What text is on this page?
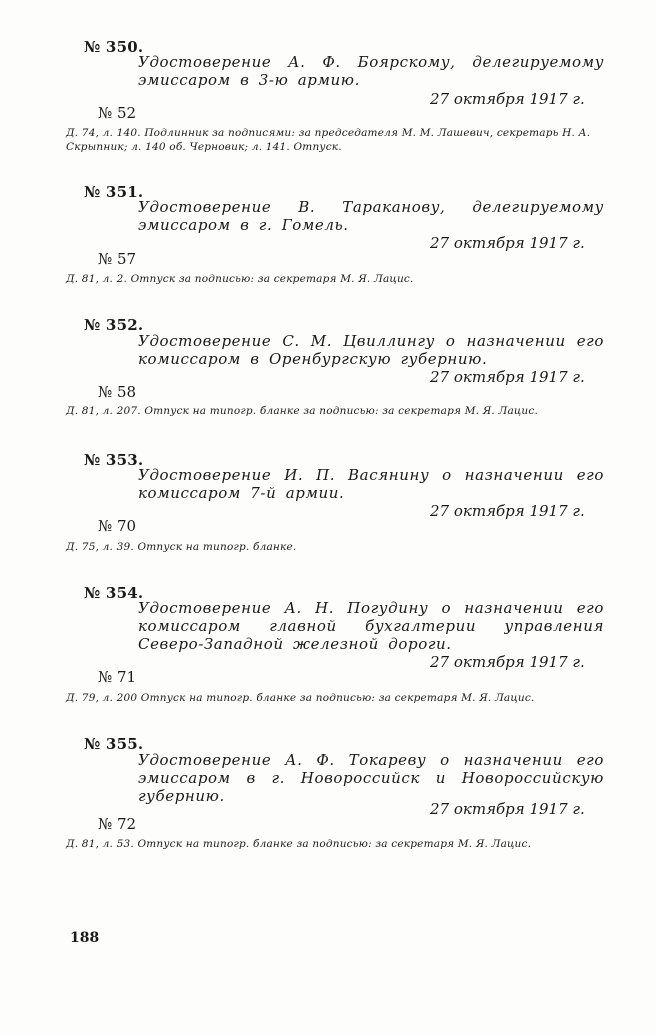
№ 350.
Удостоверение А. Ф. Боярскому, делегируемому эмиссаром в 3-ю армию.
27 октября 1917 г.
№ 52
Д. 74, л. 140. Подлинник за подписями: за председателя М. М. Лашевич, секретарь Н. А. Скрыпник; л. 140 об. Черновик; л. 141. Отпуск.
№ 351.
Удостоверение В. Тараканову, делегируемому эмиссаром в г. Гомель.
27 октября 1917 г.
№ 57
Д. 81, л. 2. Отпуск за подписью: за секретаря М. Я. Лацис.
№ 352.
Удостоверение С. М. Цвиллингу о назначении его комиссаром в Оренбургскую губернию.
27 октября 1917 г.
№ 58
Д. 81, л. 207. Отпуск на типогр. бланке за подписью: за секретаря М. Я. Лацис.
№ 353.
Удостоверение И. П. Васянину о назначении его комиссаром 7-й армии.
27 октября 1917 г.
№ 70
Д. 75, л. 39. Отпуск на типогр. бланке.
№ 354.
Удостоверение А. Н. Погудину о назначении его комиссаром главной бухгалтерии управления Северо-Западной железной дороги.
27 октября 1917 г.
№ 71
Д. 79, л. 200 Отпуск на типогр. бланке за подписью: за секретаря М. Я. Лацис.
№ 355.
Удостоверение А. Ф. Токареву о назначении его эмиссаром в г. Новороссийск и Новороссийскую губернию.
27 октября 1917 г.
№ 72
Д. 81, л. 53. Отпуск на типогр. бланке за подписью: за секретаря М. Я. Лацис.
188
